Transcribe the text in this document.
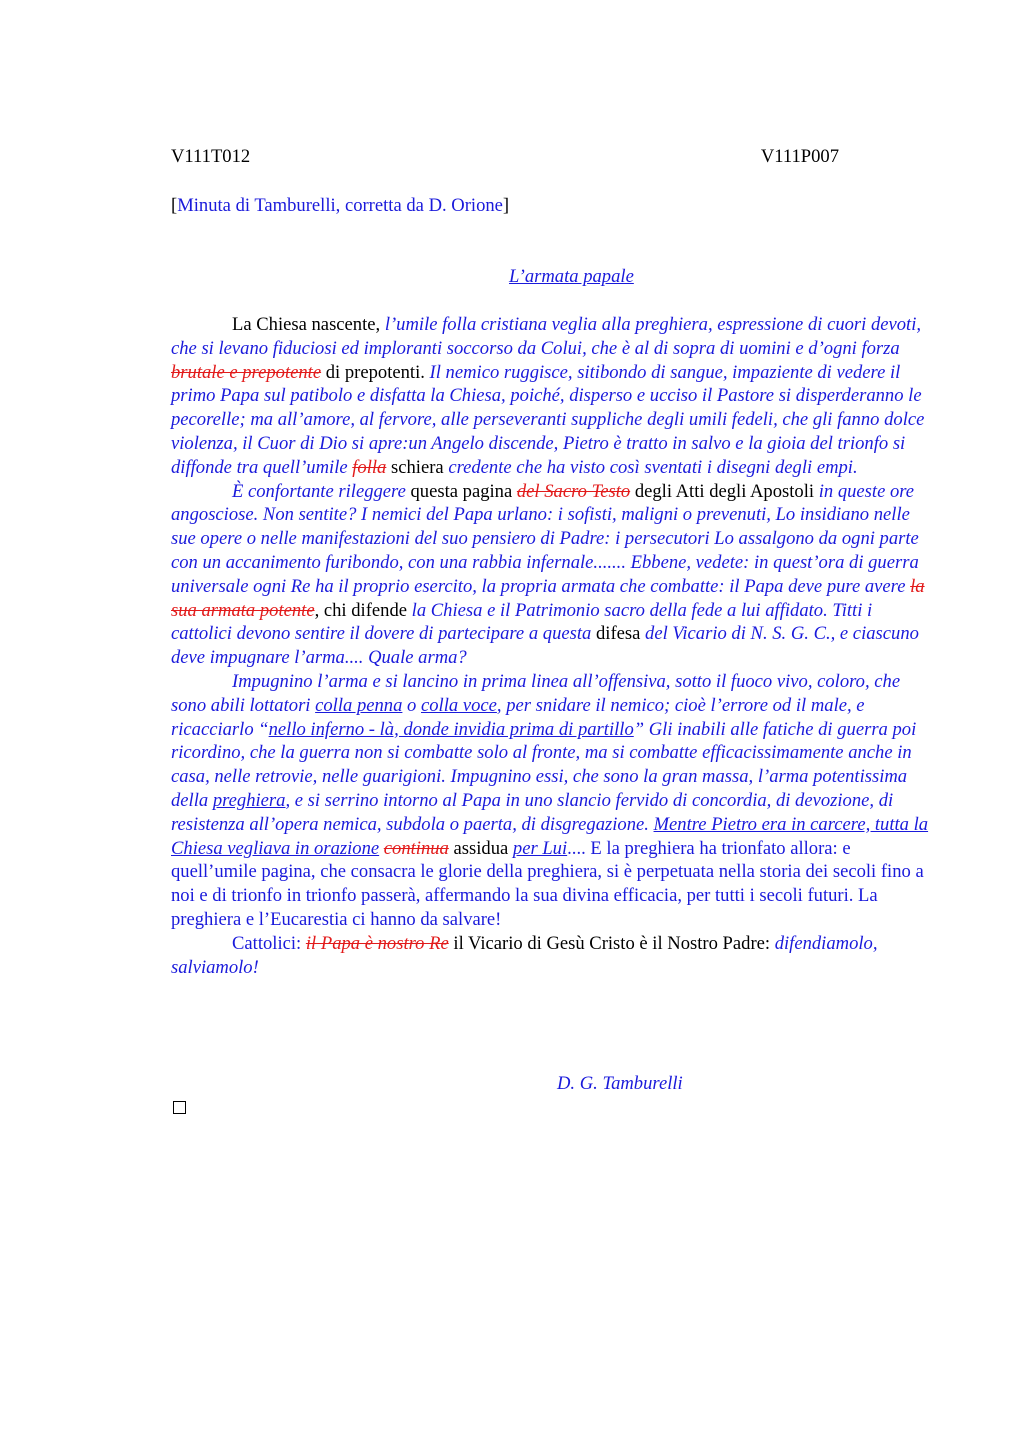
V111T012	V111P007
[Minuta di Tamburelli, corretta da D. Orione]
L’armata papale

La Chiesa nascente, l’umile folla cristiana veglia alla preghiera, espressione di cuori devoti, che si levano fiduciosi ed imploranti soccorso da Colui, che è al di sopra di uomini e d’ogni forza brutale e prepotente di prepotenti. Il nemico ruggisce, sitibondo di sangue, impaziente di vedere il primo Papa sul patibolo e disfatta la Chiesa, poiché, disperso e ucciso il Pastore si disperderanno le pecorelle; ma all’amore, al fervore, alle perseveranti suppliche degli umili fedeli, che gli fanno dolce violenza, il Cuor di Dio si apre:un Angelo discende, Pietro è tratto in salvo e la gioia del trionfo si diffonde tra quell’umile folla schiera credente che ha visto così sventati i disegni degli empi.

È confortante rileggere questa pagina del Sacro Testo degli Atti degli Apostoli in queste ore angosciose. Non sentite? I nemici del Papa urlano: i sofisti, maligni o prevenuti, Lo insidiano nelle sue opere o nelle manifestazioni del suo pensiero di Padre: i persecutori Lo assalgono da ogni parte con un accanimento furibondo, con una rabbia infernale....... Ebbene, vedete: in quest’ora di guerra universale ogni Re ha il proprio esercito, la propria armata che combatte: il Papa deve pure avere la sua armata potente, chi difende la Chiesa e il Patrimonio sacro della fede a lui affidato. Titti i cattolici devono sentire il dovere di partecipare a questa difesa del Vicario di N. S. G. C., e ciascuno deve impugnare l’arma.... Quale arma?

Impugnino l’arma e si lancino in prima linea all’offensiva, sotto il fuoco vivo, coloro, che sono abili lottatori colla penna o colla voce, per snidare il nemico; cioè l’errore od il male, e ricacciarlo “nello inferno - là, donde invidia prima di partillo” Gli inabili alle fatiche di guerra poi ricordino, che la guerra non si combatte solo al fronte, ma si combatte efficacissimamente anche in casa, nelle retrovie, nelle guarigioni. Impugnino essi, che sono la gran massa, l’arma potentissima della preghiera, e si serrino intorno al Papa in uno slancio fervido di concordia, di devozione, di resistenza all’opera nemica, subdola o paerta, di disgregazione. Mentre Pietro era in carcere, tutta la Chiesa vegliava in orazione continua assidua per Lui.... E la preghiera ha trionfato allora: e quell’umile pagina, che consacra le glorie della preghiera, si è perpetuata nella storia dei secoli fino a noi e di trionfo in trionfo passerà, affermando la sua divina efficacia, per tutti i secoli futuri. La preghiera e l’Eucarestia ci hanno da salvare!

Cattolici: il Papa è nostro Re il Vicario di Gesù Cristo è il Nostro Padre: difendiamolo, salviamolo!

D. G. Tamburelli
